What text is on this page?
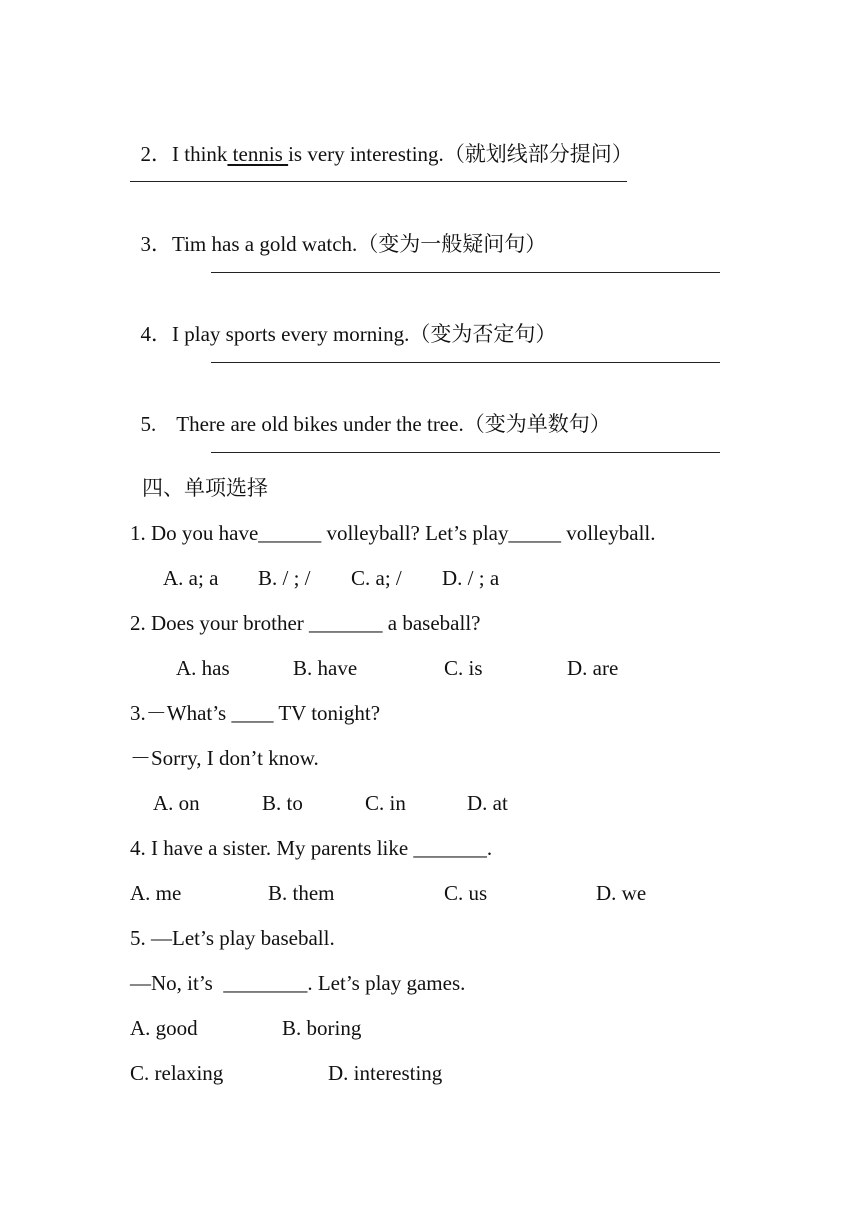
2．I think tennis is very interesting.（就划线部分提问）

3．Tim has a gold watch.（变为一般疑问句）

4．I play sports every morning.（变为否定句）

5. There are old bikes under the tree.（变为单数句）

四、单项选择
1. Do you have______ volleyball? Let’s play_____ volleyball.
A. a; a B. / ; / C. a; / D. / ; a
2. Does your brother _______ a baseball?
A. has	B. have	C. is	D. are
3.－What’s ____ TV tonight?
－Sorry, I don’t know.
A. on	B. to	C. in	D. at
4. I have a sister. My parents like _______.
A. me	B. them	C. us	D. we
5. —Let’s play baseball.
—No, it’s  ________. Let’s play games.
A. good	B. boring
C. relaxing	D. interesting
